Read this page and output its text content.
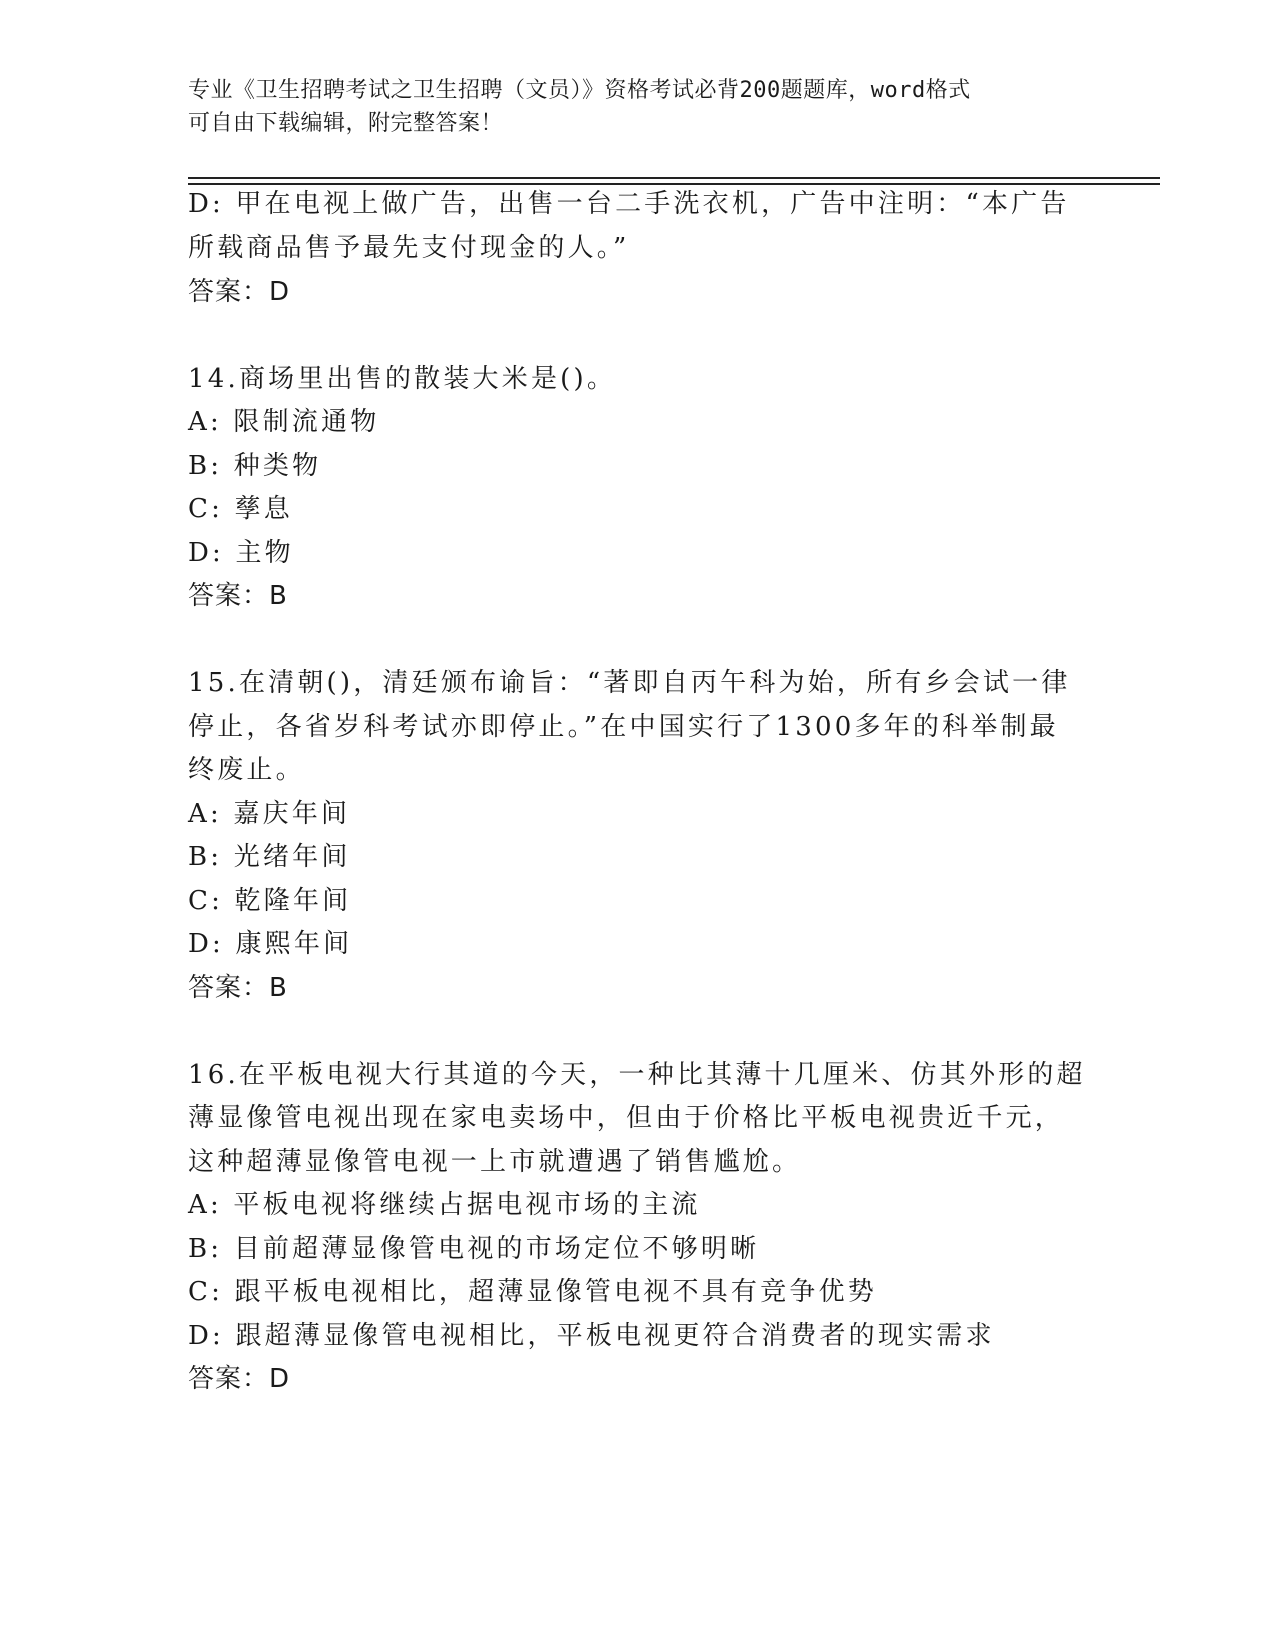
专业《卫生招聘考试之卫生招聘（文员）》资格考试必背200题题库，word格式
可自由下载编辑，附完整答案！
D: 甲在电视上做广告，出售一台二手洗衣机，广告中注明：“本广告
所载商品售予最先支付现金的人。”
答案：D
14.商场里出售的散装大米是()。
A: 限制流通物
B: 种类物
C: 孳息
D: 主物
答案：B
15.在清朝()，清廷颁布谕旨：“著即自丙午科为始，所有乡会试一律
停止，各省岁科考试亦即停止。”在中国实行了1300多年的科举制最
终废止。
A: 嘉庆年间
B: 光绪年间
C: 乾隆年间
D: 康熙年间
答案：B
16.在平板电视大行其道的今天，一种比其薄十几厘米、仿其外形的超
薄显像管电视出现在家电卖场中，但由于价格比平板电视贵近千元，
这种超薄显像管电视一上市就遭遇了销售尴尬。
A: 平板电视将继续占据电视市场的主流
B: 目前超薄显像管电视的市场定位不够明晰
C: 跟平板电视相比，超薄显像管电视不具有竞争优势
D: 跟超薄显像管电视相比，平板电视更符合消费者的现实需求
答案：D
